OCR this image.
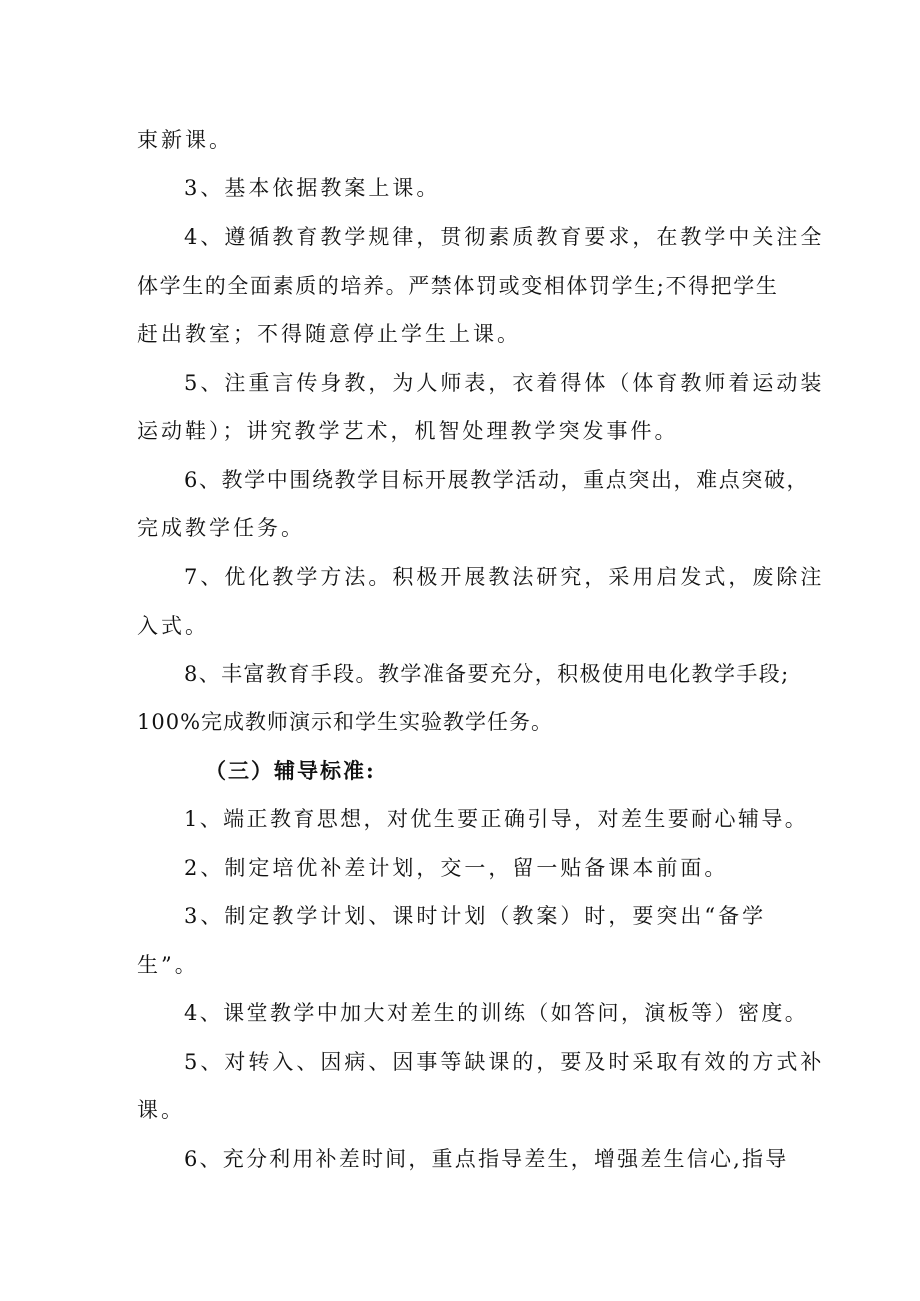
束新课。
3、基本依据教案上课。
4、遵循教育教学规律，贯彻素质教育要求，在教学中关注全
体学生的全面素质的培养。严禁体罚或变相体罚学生;不得把学生
赶出教室；不得随意停止学生上课。
5、注重言传身教，为人师表，衣着得体（体育教师着运动装
运动鞋）；讲究教学艺术，机智处理教学突发事件。
6、教学中围绕教学目标开展教学活动，重点突出，难点突破，
完成教学任务。
7、优化教学方法。积极开展教法研究，采用启发式，废除注
入式。
8、丰富教育手段。教学准备要充分，积极使用电化教学手段;
100%完成教师演示和学生实验教学任务。
（三）辅导标准:
1、端正教育思想，对优生要正确引导，对差生要耐心辅导。
2、制定培优补差计划，交一，留一贴备课本前面。
3、制定教学计划、课时计划（教案）时，要突出“备学
生”。
4、课堂教学中加大对差生的训练（如答问，演板等）密度。
5、对转入、因病、因事等缺课的，要及时采取有效的方式补
课。
6、充分利用补差时间，重点指导差生，增强差生信心,指导
